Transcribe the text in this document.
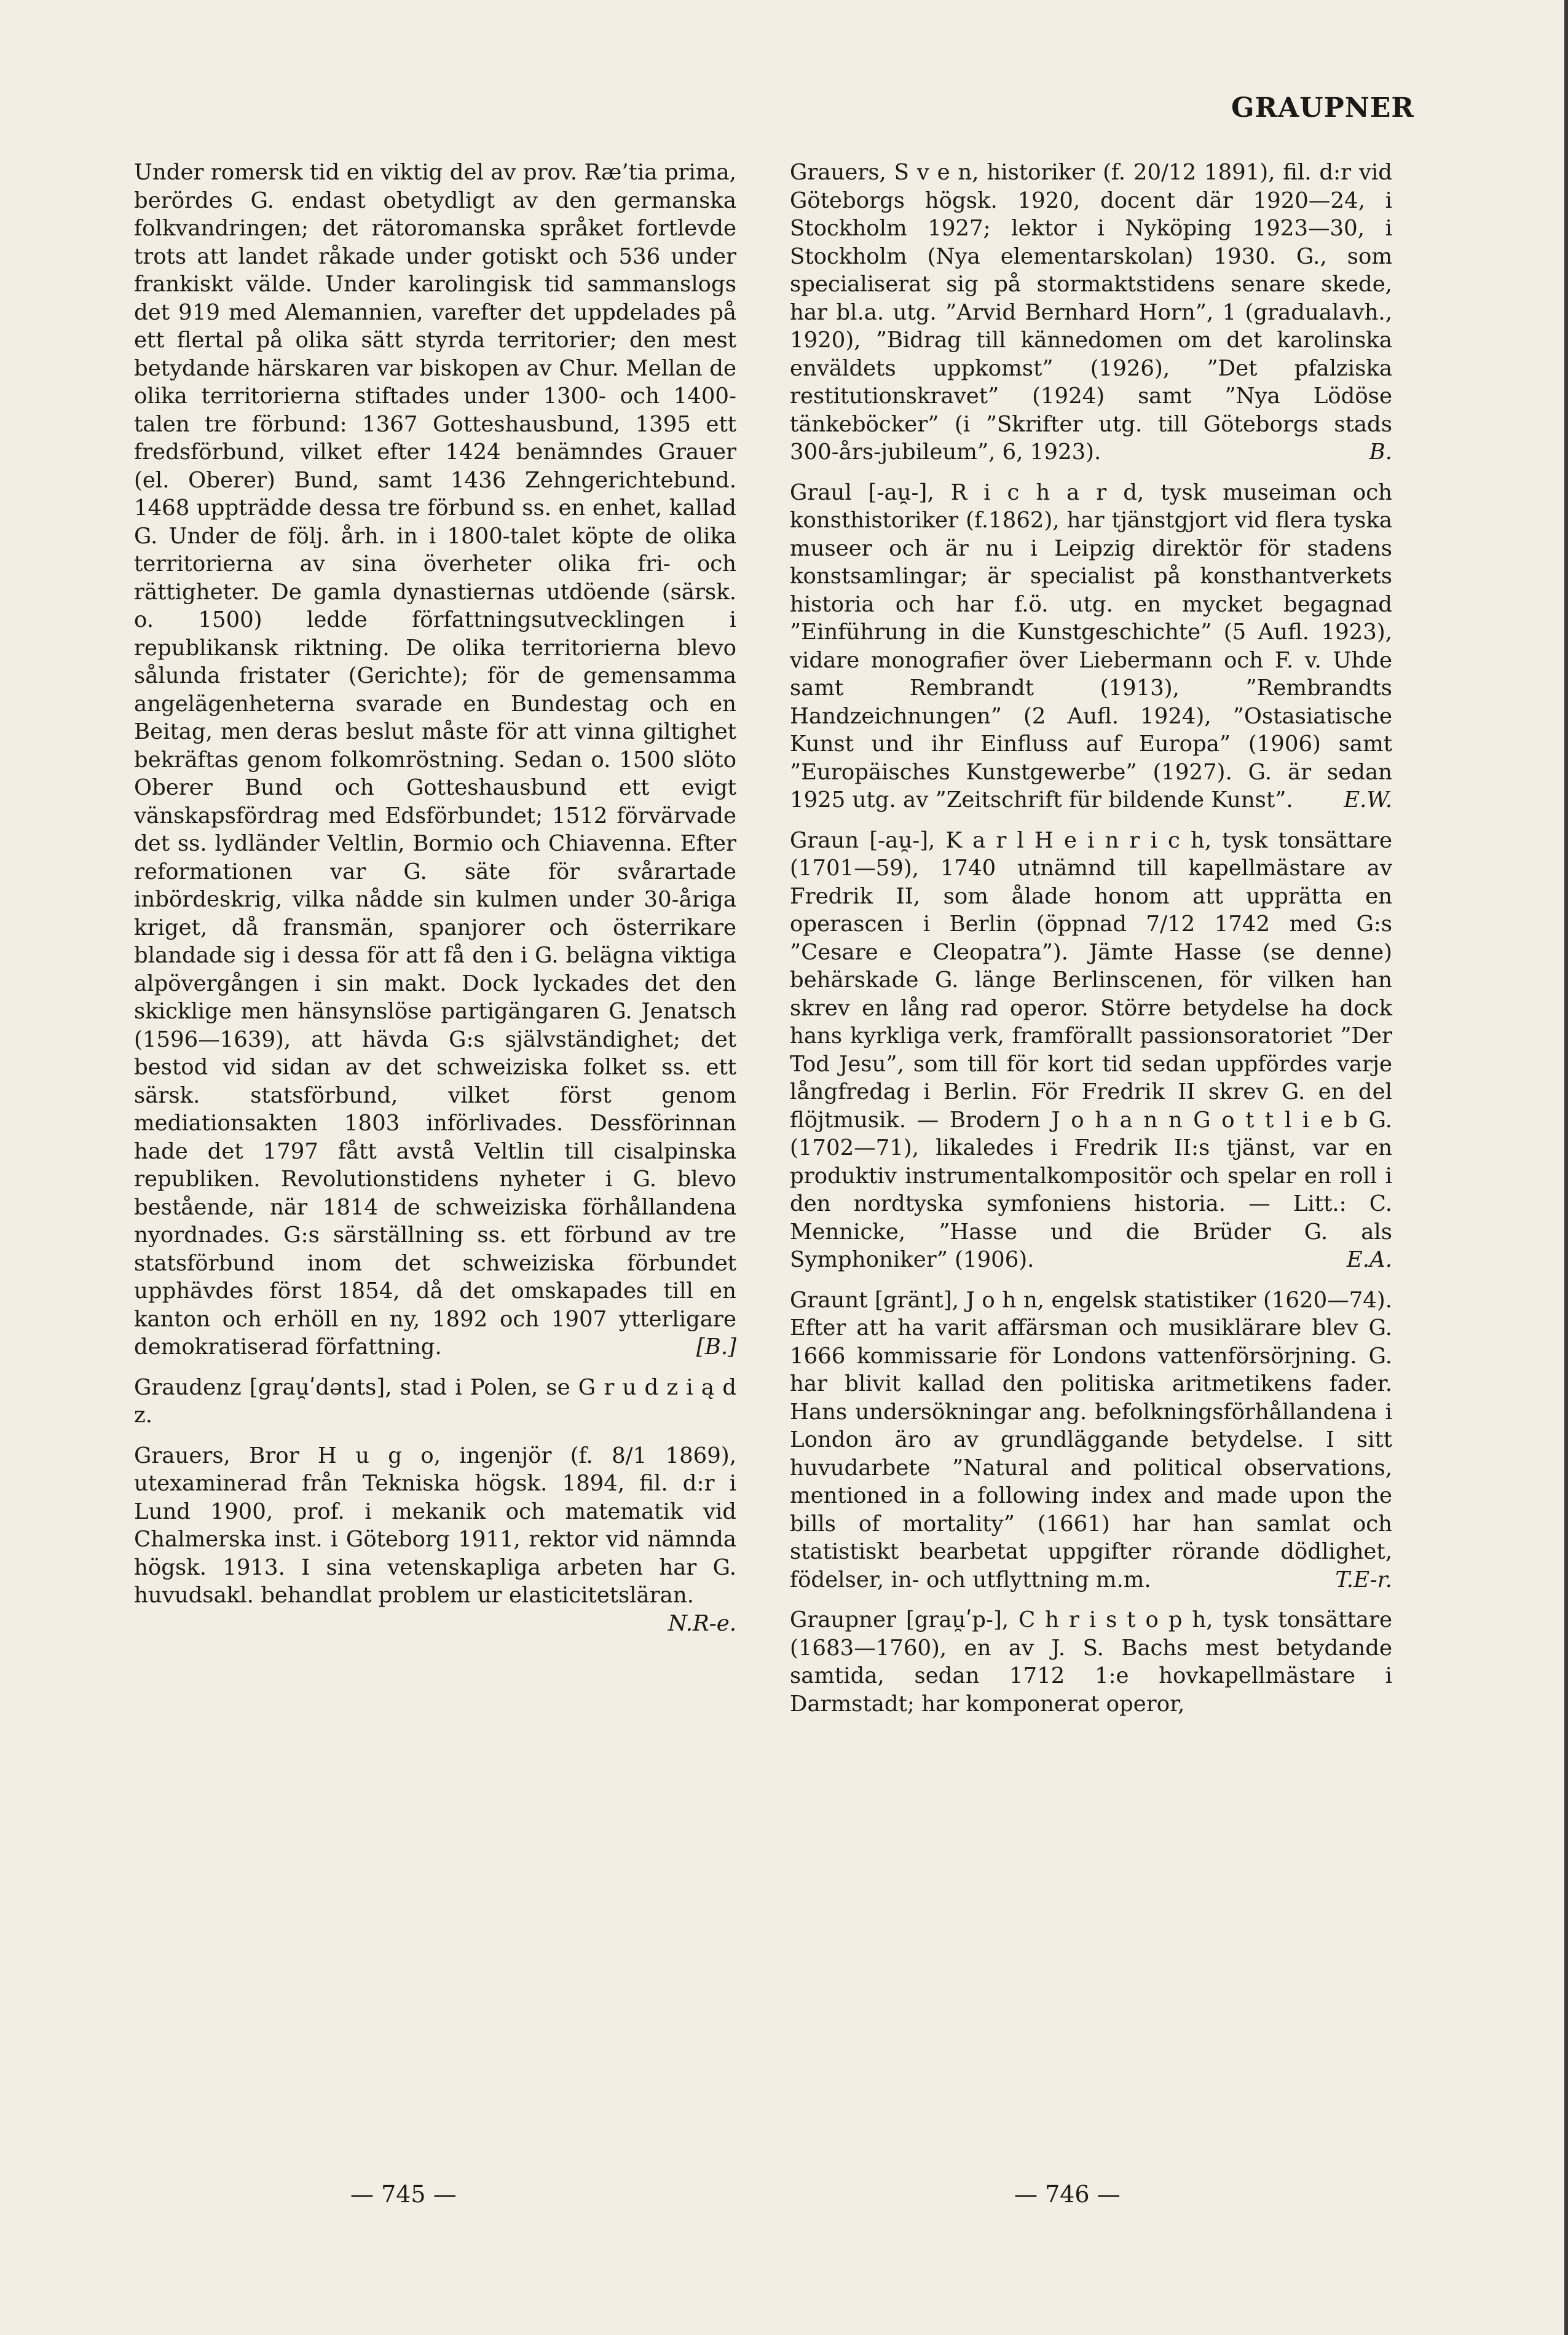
GRAUPNER

Under romersk tid en viktig del av prov. Ræ’tia prima, berördes G. endast obetydligt av den germanska folkvandringen; det rätoromanska språket fortlevde trots att landet råkade under gotiskt och 536 under frankiskt välde. Under karolingisk tid sammanslogs det 919 med Alemannien, varefter det uppdelades på ett flertal på olika sätt styrda territorier; den mest betydande härskaren var biskopen av Chur. Mellan de olika territorierna stiftades under 1300- och 1400-talen tre förbund: 1367 Gotteshausbund, 1395 ett fredsförbund, vilket efter 1424 benämndes Grauer (el. Oberer) Bund, samt 1436 Zehngerichtebund. 1468 uppträdde dessa tre förbund ss. en enhet, kallad G. Under de följ. årh. in i 1800-talet köpte de olika territorierna av sina överheter olika fri- och rättigheter. De gamla dynastiernas utdöende (särsk. o. 1500) ledde författningsutvecklingen i republikansk riktning. De olika territorierna blevo sålunda fristater (Gerichte); för de gemensamma angelägenheterna svarade en Bundestag och en Beitag, men deras beslut måste för att vinna giltighet bekräftas genom folkomröstning. Sedan o. 1500 slöto Oberer Bund och Gotteshausbund ett evigt vänskapsfördrag med Edsförbundet; 1512 förvärvade det ss. lydländer Veltlin, Bormio och Chiavenna. Efter reformationen var G. säte för svårartade inbördeskrig, vilka nådde sin kulmen under 30-åriga kriget, då fransmän, spanjorer och österrikare blandade sig i dessa för att få den i G. belägna viktiga alpövergången i sin makt. Dock lyckades det den skicklige men hänsynslöse partigängaren G. Jenatsch (1596—1639), att hävda G:s självständighet; det bestod vid sidan av det schweiziska folket ss. ett särsk. statsförbund, vilket först genom mediationsakten 1803 införlivades. Dessförinnan hade det 1797 fått avstå Veltlin till cisalpinska republiken. Revolutionstidens nyheter i G. blevo bestående, när 1814 de schweiziska förhållandena nyordnades. G:s särställning ss. ett förbund av tre statsförbund inom det schweiziska förbundet upphävdes först 1854, då det omskapades till en kanton och erhöll en ny, 1892 och 1907 ytterligare demokratiserad författning.	[B.]

Graudenz [grau̯ʹdənts], stad i Polen, se G r u d z i ą d z.

Grauers, Bror H u g o, ingenjör (f. 8/1 1869), utexaminerad från Tekniska högsk. 1894, fil. d:r i Lund 1900, prof. i mekanik och matematik vid Chalmerska inst. i Göteborg 1911, rektor vid nämnda högsk. 1913. I sina vetenskapliga arbeten har G. huvudsakl. behandlat problem ur elasticitetsläran.
N.R-e.

Grauers, S v e n, historiker (f. 20/12 1891), fil. d:r vid Göteborgs högsk. 1920, docent där 1920—24, i Stockholm 1927; lektor i Nyköping 1923—30, i Stockholm (Nya elementarskolan) 1930. G., som specialiserat sig på stormaktstidens senare skede, har bl.a. utg. ”Arvid Bernhard Horn”, 1 (gradualavh., 1920), ”Bidrag till kännedomen om det karolinska enväldets uppkomst” (1926), ”Det pfalziska restitutionskravet” (1924) samt ”Nya Lödöse tänkeböcker” (i ”Skrifter utg. till Göteborgs stads 300-års-jubileum”, 6, 1923).	B.

Graul [-au̯-], R i c h a r d, tysk museiman och konsthistoriker (f.1862), har tjänstgjort vid flera tyska museer och är nu i Leipzig direktör för stadens konstsamlingar; är specialist på konsthantverkets historia och har f.ö. utg. en mycket begagnad ”Einführung in die Kunstgeschichte” (5 Aufl. 1923), vidare monografier över Liebermann och F. v. Uhde samt Rembrandt (1913), ”Rembrandts Handzeichnungen” (2 Aufl. 1924), ”Ostasiatische Kunst und ihr Einfluss auf Europa” (1906) samt ”Europäisches Kunstgewerbe” (1927). G. är sedan 1925 utg. av ”Zeitschrift für bildende Kunst”. E.W.

Graun [-au̯-], K a r l H e i n r i c h, tysk tonsättare (1701—59), 1740 utnämnd till kapellmästare av Fredrik II, som ålade honom att upprätta en operascen i Berlin (öppnad 7/12 1742 med G:s ”Cesare e Cleopatra”). Jämte Hasse (se denne) behärskade G. länge Berlinscenen, för vilken han skrev en lång rad operor. Större betydelse ha dock hans kyrkliga verk, framförallt passionsoratoriet ”Der Tod Jesu”, som till för kort tid sedan uppfördes varje långfredag i Berlin. För Fredrik II skrev G. en del flöjtmusik. — Brodern J o h a n n G o t t l i e b G. (1702—71), likaledes i Fredrik II:s tjänst, var en produktiv instrumentalkompositör och spelar en roll i den nordtyska symfoniens historia. — Litt.: C. Mennicke, ”Hasse und die Brüder G. als Symphoniker” (1906).	E.A.

Graunt [gränt], J o h n, engelsk statistiker (1620—74). Efter att ha varit affärsman och musiklärare blev G. 1666 kommissarie för Londons vattenförsörjning. G. har blivit kallad den politiska aritmetikens fader. Hans undersökningar ang. befolkningsförhållandena i London äro av grundläggande betydelse. I sitt huvudarbete ”Natural and political observations, mentioned in a following index and made upon the bills of mortality” (1661) har han samlat och statistiskt bearbetat uppgifter rörande dödlighet, födelser, in- och utflyttning m.m.	T.E-r.

Graupner [grau̯ʹp-], C h r i s t o p h, tysk tonsättare (1683—1760), en av J. S. Bachs mest betydande samtida, sedan 1712 1:e hovkapellmästare i Darmstadt; har komponerat operor,

— 745 —	— 746 —
